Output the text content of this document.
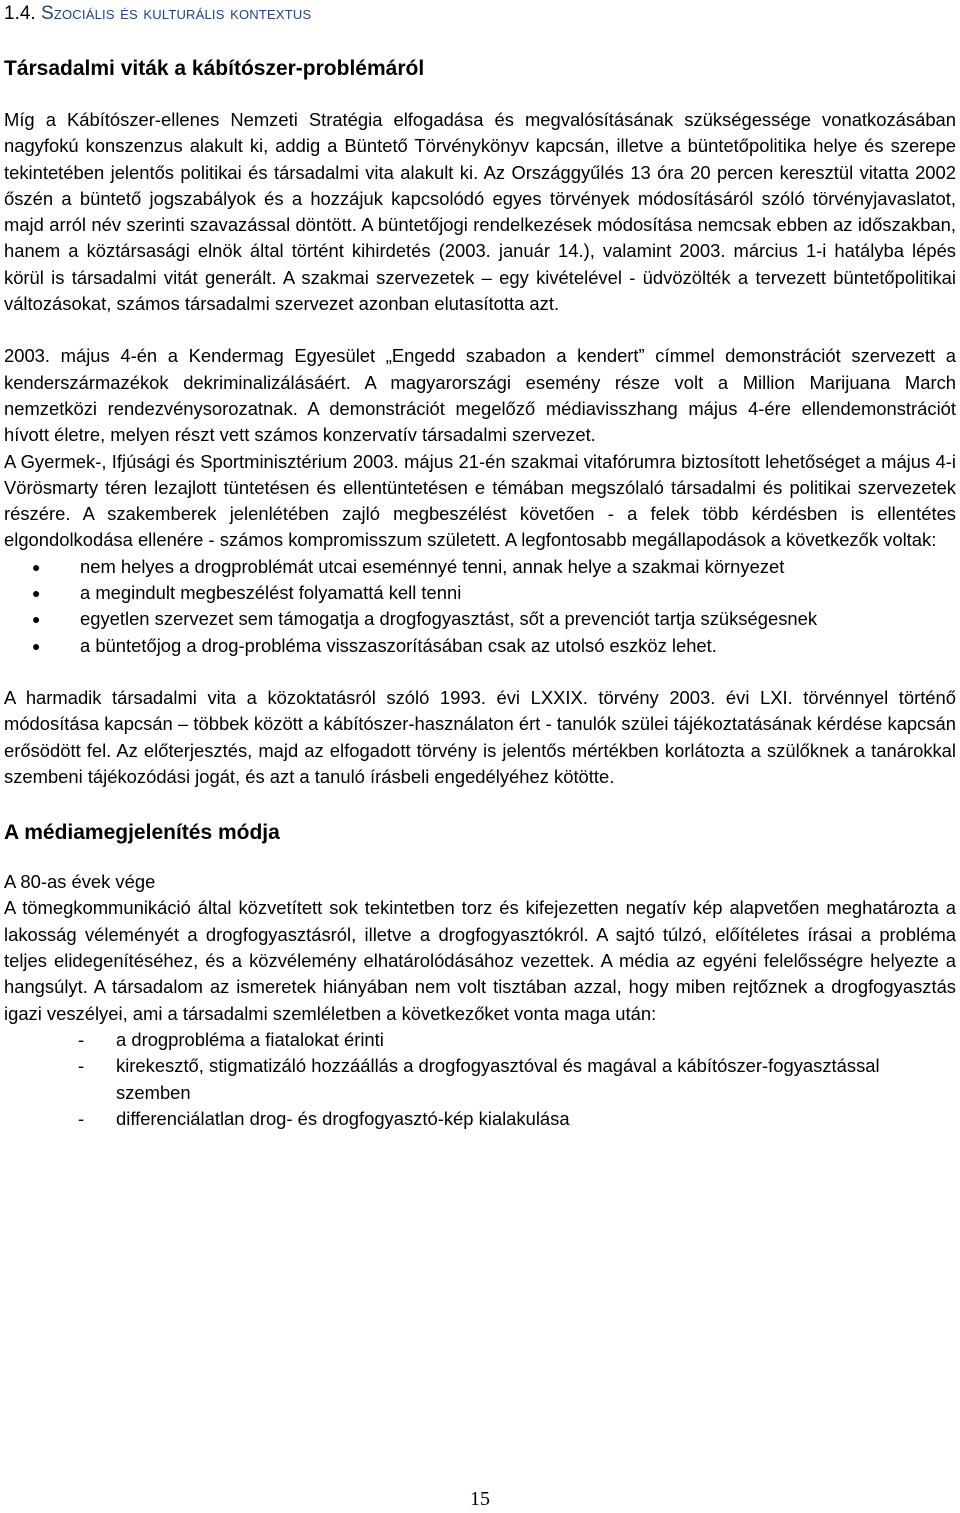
1.4. Szociális és kulturális kontextus
Társadalmi viták a kábítószer-problémáról

Míg a Kábítószer-ellenes Nemzeti Stratégia elfogadása és megvalósításának szükségessége vonatkozásában nagyfokú konszenzus alakult ki, addig a Büntető Törvénykönyv kapcsán, illetve a büntetőpolitika helye és szerepe tekintetében jelentős politikai és társadalmi vita alakult ki. Az Országgyűlés 13 óra 20 percen keresztül vitatta 2002 őszén a büntető jogszabályok és a hozzájuk kapcsolódó egyes törvények módosításáról szóló törvényjavaslatot, majd arról név szerinti szavazással döntött. A büntetőjogi rendelkezések módosítása nemcsak ebben az időszakban, hanem a köztársasági elnök által történt kihirdetés (2003. január 14.), valamint 2003. március 1-i hatályba lépés körül is társadalmi vitát generált. A szakmai szervezetek – egy kivételével - üdvözölték a tervezett büntetőpolitikai változásokat, számos társadalmi szervezet azonban elutasította azt.

2003. május 4-én a Kendermag Egyesület „Engedd szabadon a kendert” címmel demonstrációt szervezett a kenderszármazékok dekriminalizálásáért. A magyarországi esemény része volt a Million Marijuana March nemzetközi rendezvénysorozatnak. A demonstrációt megelőző médiavisszhang május 4-ére ellendemonstrációt hívott életre, melyen részt vett számos konzervatív társadalmi szervezet.

A Gyermek-, Ifjúsági és Sportminisztérium 2003. május 21-én szakmai vitafórumra biztosított lehetőséget a május 4-i Vörösmarty téren lezajlott tüntetésen és ellentüntetésen e témában megszólaló társadalmi és politikai szervezetek részére. A szakemberek jelenlétében zajló megbeszélést követően - a felek több kérdésben is ellentétes elgondolkodása ellenére - számos kompromisszum született. A legfontosabb megállapodások a következők voltak:

● nem helyes a drogproblémát utcai eseménnyé tenni, annak helye a szakmai környezet
● a megindult megbeszélést folyamattá kell tenni
● egyetlen szervezet sem támogatja a drogfogyasztást, sőt a prevenciót tartja szükségesnek
● a büntetőjog a drog-probléma visszaszorításában csak az utolsó eszköz lehet.

A harmadik társadalmi vita a közoktatásról szóló 1993. évi LXXIX. törvény 2003. évi LXI. törvénnyel történő módosítása kapcsán – többek között a kábítószer-használaton ért - tanulók szülei tájékoztatásának kérdése kapcsán erősödött fel. Az előterjesztés, majd az elfogadott törvény is jelentős mértékben korlátozta a szülőknek a tanárokkal szembeni tájékozódási jogát, és azt a tanuló írásbeli engedélyéhez kötötte.

A médiamegjelenítés módja

A 80-as évek vége

A tömegkommunikáció által közvetített sok tekintetben torz és kifejezetten negatív kép alapvetően meghatározta a lakosság véleményét a drogfogyasztásról, illetve a drogfogyasztókról. A sajtó túlzó, előítéletes írásai a probléma teljes elidegenítéséhez, és a közvélemény elhatárolódásához vezettek. A média az egyéni felelősségre helyezte a hangsúlyt. A társadalom az ismeretek hiányában nem volt tisztában azzal, hogy miben rejtőznek a drogfogyasztás igazi veszélyei, ami a társadalmi szemléletben a következőket vonta maga után:

- a drogprobléma a fiatalokat érinti
- kirekesztő, stigmatizáló hozzáállás a drogfogyasztóval és magával a kábítószer-fogyasztással szemben
- differenciálatlan drog- és drogfogyasztó-kép kialakulása
15
